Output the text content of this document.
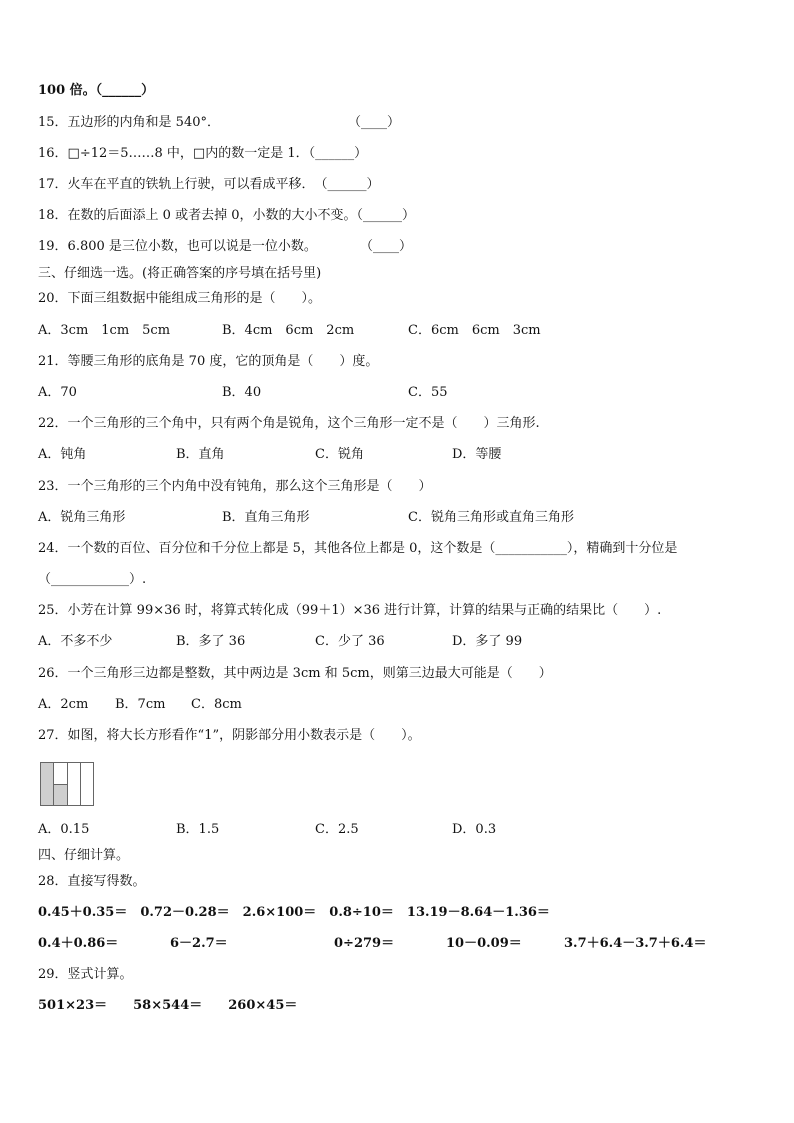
100 倍。（______）
15．五边形的内角和是 540°．	（____）
16．□÷12＝5……8 中，□内的数一定是 1．（______）
17．火车在平直的铁轨上行驶，可以看成平移．　（______）
18．在数的后面添上 0 或者去掉 0，小数的大小不变。（______）
19．6.800 是三位小数，也可以说是一位小数。	（____）
三、仔细选一选。(将正确答案的序号填在括号里)
20．下面三组数据中能组成三角形的是（　　）。
A．3cm　1cm　5cm	B．4cm　6cm　2cm	C．6cm　6cm　3cm
21．等腰三角形的底角是 70 度，它的顶角是（　　）度。
A．70	B．40	C．55
22．一个三角形的三个角中，只有两个角是锐角，这个三角形一定不是（　　）三角形.
A．钝角	B．直角	C．锐角	D．等腰
23．一个三角形的三个内角中没有钝角，那么这个三角形是（　　）
A．锐角三角形	B．直角三角形	C．锐角三角形或直角三角形
24．一个数的百位、百分位和千分位上都是 5，其他各位上都是 0，这个数是（___________），精确到十分位是
（____________）.
25．小芳在计算 99×36 时，将算式转化成（99＋1）×36 进行计算，计算的结果与正确的结果比（　　）.
A．不多不少	B．多了 36	C．少了 36	D．多了 99
26．一个三角形三边都是整数，其中两边是 3cm 和 5cm，则第三边最大可能是（　　）
A．2cm B．7cm C．8cm
27．如图，将大长方形看作“1”，阴影部分用小数表示是（　　）。
A．0.15	B．1.5	C．2.5	D．0.3
四、仔细计算。
28．直接写得数。
0.45＋0.35＝　0.72－0.28＝　2.6×100＝　0.8÷10＝　13.19－8.64－1.36＝
0.4＋0.86＝	6－2.7＝	0÷279＝	10－0.09＝	3.7＋6.4－3.7＋6.4＝
29．竖式计算。
501×23＝　　58×544＝　　260×45＝
